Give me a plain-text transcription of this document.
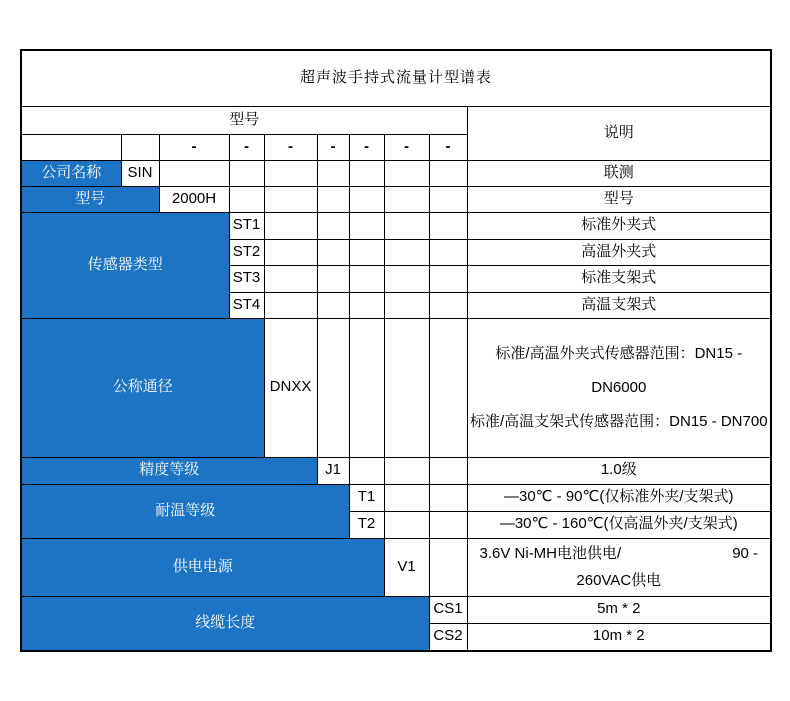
超声波手持式流量计型谱表									
型号									说明
		-	-	-	-	-	-	-	
公司名称	SIN								联测
型号		2000H							型号
传感器类型			ST1						标准外夹式
			ST2						高温外夹式
			ST3						标准支架式
			ST4						高温支架式
公称通径				DNXX					标准/高温外夹式传感器范围：DN15 - DN6000
标准/高温支架式传感器范围：DN15 - DN700

精度等级					J1				1.0级
耐温等级						T1			—30℃ - 90℃(仅标准外夹/支架式)
						T2			—30℃ - 160℃(仅高温外夹/支架式)
供电电源							V1		3.6V Ni-MH电池供电/ 90 -
260VAC供电

线缆长度								CS1	5m * 2
								CS2	10m * 2
